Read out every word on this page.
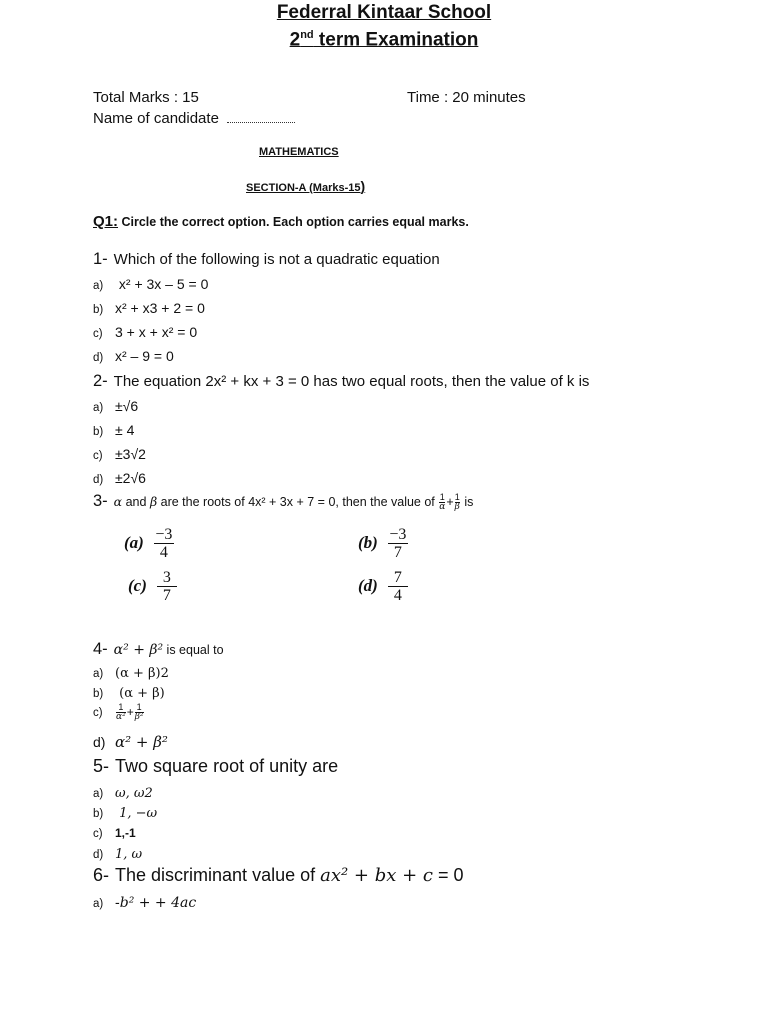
Federral Kintaar School
2nd term Examination
Total Marks : 15	Time : 20 minutes
Name of candidate
MATHEMATICS
SECTION-A (Marks-15)
Q1: Circle the correct option. Each option carries equal marks.
1- Which of the following is not a quadratic equation
a) x² + 3x – 5 = 0
b) x² + x3 + 2 = 0
c) 3 + x + x² = 0
d) x² – 9 = 0
2- The equation 2x² + kx + 3 = 0 has two equal roots, then the value of k is
a) ±√6
b) ± 4
c) ±3√2
d) ±2√6
3- α and β are the roots of 4x² + 3x + 7 = 0, then the value of $\frac{1}{\alpha} + \frac{1}{\beta}$ is
$(a) \frac{-3}{4}$	$(b) \frac{-3}{7}$
$(c) \frac{3}{7}$	$(d) \frac{7}{4}$
4- α² + β² is equal to
a) (α + β)2
b) (α + β)
$c) \frac{1}{\text{α²}} + \frac{1}{\text{β²}}$
d) α² + β²
5- Two square root of unity are
a) ω, ω2
b) 1, −ω
c) 1,-1
d) 1, ω
6- The discriminant value of ax² + bx + c = 0
a) -b² + + 4ac
